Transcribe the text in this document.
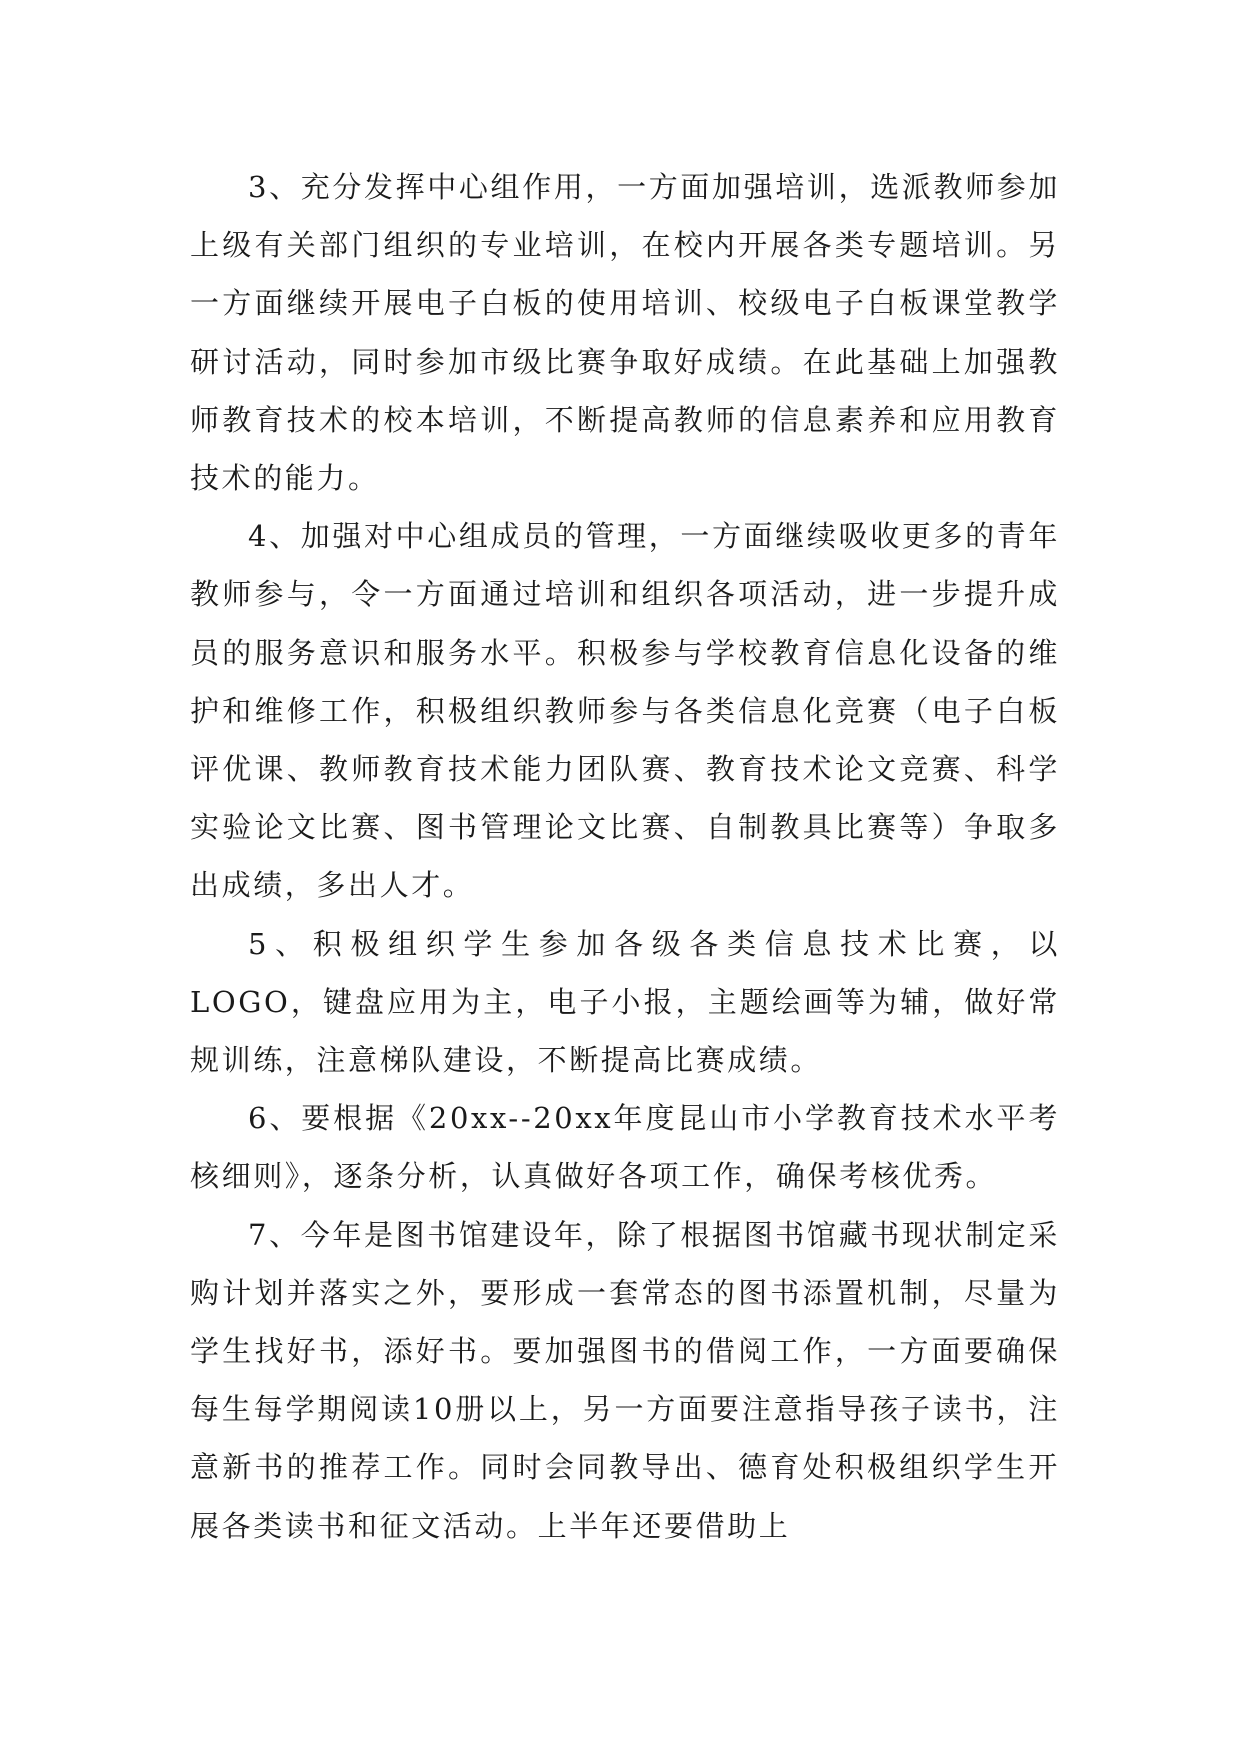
3、充分发挥中心组作用，一方面加强培训，选派教师参加上级有关部门组织的专业培训，在校内开展各类专题培训。另一方面继续开展电子白板的使用培训、校级电子白板课堂教学研讨活动，同时参加市级比赛争取好成绩。在此基础上加强教师教育技术的校本培训，不断提高教师的信息素养和应用教育技术的能力。

4、加强对中心组成员的管理，一方面继续吸收更多的青年教师参与，令一方面通过培训和组织各项活动，进一步提升成员的服务意识和服务水平。积极参与学校教育信息化设备的维护和维修工作，积极组织教师参与各类信息化竞赛（电子白板评优课、教师教育技术能力团队赛、教育技术论文竞赛、科学实验论文比赛、图书管理论文比赛、自制教具比赛等）争取多出成绩，多出人才。

5、积极组织学生参加各级各类信息技术比赛，以LOGO，键盘应用为主，电子小报，主题绘画等为辅，做好常规训练，注意梯队建设，不断提高比赛成绩。

6、要根据《20xx--20xx年度昆山市小学教育技术水平考核细则》，逐条分析，认真做好各项工作，确保考核优秀。

7、今年是图书馆建设年，除了根据图书馆藏书现状制定采购计划并落实之外，要形成一套常态的图书添置机制，尽量为学生找好书，添好书。要加强图书的借阅工作，一方面要确保每生每学期阅读10册以上，另一方面要注意指导孩子读书，注意新书的推荐工作。同时会同教导出、德育处积极组织学生开展各类读书和征文活动。上半年还要借助上
